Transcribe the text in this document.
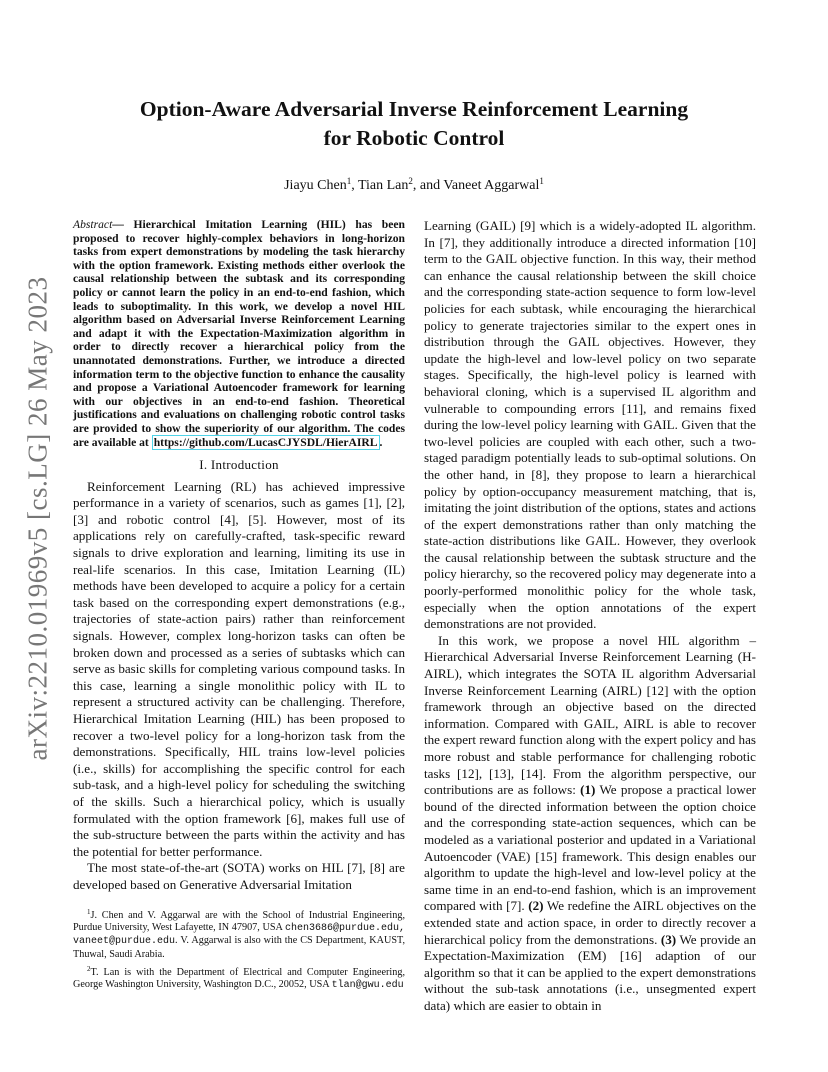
arXiv:2210.01969v5 [cs.LG] 26 May 2023
Option-Aware Adversarial Inverse Reinforcement Learning
for Robotic Control
Jiayu Chen$^1$, Tian Lan$^2$, and Vaneet Aggarwal$^1$

Abstract— Hierarchical Imitation Learning (HIL) has been proposed to recover highly-complex behaviors in long-horizon tasks from expert demonstrations by modeling the task hierarchy with the option framework. Existing methods either overlook the causal relationship between the subtask and its corresponding policy or cannot learn the policy in an end-to-end fashion, which leads to suboptimality. In this work, we develop a novel HIL algorithm based on Adversarial Inverse Reinforcement Learning and adapt it with the Expectation-Maximization algorithm in order to directly recover a hierarchical policy from the unannotated demonstrations. Further, we introduce a directed information term to the objective function to enhance the causality and propose a Variational Autoencoder framework for learning with our objectives in an end-to-end fashion. Theoretical justifications and evaluations on challenging robotic control tasks are provided to show the superiority of our algorithm. The codes are available at https://github.com/LucasCJYSDL/HierAIRL .

I. Introduction

Reinforcement Learning (RL) has achieved impressive performance in a variety of scenarios, such as games [1], [2], [3] and robotic control [4], [5]. However, most of its applications rely on carefully-crafted, task-specific reward signals to drive exploration and learning, limiting its use in real-life scenarios. In this case, Imitation Learning (IL) methods have been developed to acquire a policy for a certain task based on the corresponding expert demonstrations (e.g., trajectories of state-action pairs) rather than reinforcement signals. However, complex long-horizon tasks can often be broken down and processed as a series of subtasks which can serve as basic skills for completing various compound tasks. In this case, learning a single monolithic policy with IL to represent a structured activity can be challenging. Therefore, Hierarchical Imitation Learning (HIL) has been proposed to recover a two-level policy for a long-horizon task from the demonstrations. Specifically, HIL trains low-level policies (i.e., skills) for accomplishing the specific control for each sub-task, and a high-level policy for scheduling the switching of the skills. Such a hierarchical policy, which is usually formulated with the option framework [6], makes full use of the sub-structure between the parts within the activity and has the potential for better performance.

The most state-of-the-art (SOTA) works on HIL [7], [8] are developed based on Generative Adversarial Imitation

$^1$J. Chen and V. Aggarwal are with the School of Industrial Engineering, Purdue University, West Lafayette, IN 47907, USA chen3686@purdue.edu, vaneet@purdue.edu. V. Aggarwal is also with the CS Department, KAUST, Thuwal, Saudi Arabia.

$^2$T. Lan is with the Department of Electrical and Computer Engineering, George Washington University, Washington D.C., 20052, USA tlan@gwu.edu

Learning (GAIL) [9] which is a widely-adopted IL algorithm. In [7], they additionally introduce a directed information [10] term to the GAIL objective function. In this way, their method can enhance the causal relationship between the skill choice and the corresponding state-action sequence to form low-level policies for each subtask, while encouraging the hierarchical policy to generate trajectories similar to the expert ones in distribution through the GAIL objectives. However, they update the high-level and low-level policy on two separate stages. Specifically, the high-level policy is learned with behavioral cloning, which is a supervised IL algorithm and vulnerable to compounding errors [11], and remains fixed during the low-level policy learning with GAIL. Given that the two-level policies are coupled with each other, such a two-staged paradigm potentially leads to sub-optimal solutions. On the other hand, in [8], they propose to learn a hierarchical policy by option-occupancy measurement matching, that is, imitating the joint distribution of the options, states and actions of the expert demonstrations rather than only matching the state-action distributions like GAIL. However, they overlook the causal relationship between the subtask structure and the policy hierarchy, so the recovered policy may degenerate into a poorly-performed monolithic policy for the whole task, especially when the option annotations of the expert demonstrations are not provided.

In this work, we propose a novel HIL algorithm – Hierarchical Adversarial Inverse Reinforcement Learning (H-AIRL), which integrates the SOTA IL algorithm Adversarial Inverse Reinforcement Learning (AIRL) [12] with the option framework through an objective based on the directed information. Compared with GAIL, AIRL is able to recover the expert reward function along with the expert policy and has more robust and stable performance for challenging robotic tasks [12], [13], [14]. From the algorithm perspective, our contributions are as follows: (1) We propose a practical lower bound of the directed information between the option choice and the corresponding state-action sequences, which can be modeled as a variational posterior and updated in a Variational Autoencoder (VAE) [15] framework. This design enables our algorithm to update the high-level and low-level policy at the same time in an end-to-end fashion, which is an improvement compared with [7]. (2) We redefine the AIRL objectives on the extended state and action space, in order to directly recover a hierarchical policy from the demonstrations. (3) We provide an Expectation-Maximization (EM) [16] adaption of our algorithm so that it can be applied to the expert demonstrations without the sub-task annotations (i.e., unsegmented expert data) which are easier to obtain in
